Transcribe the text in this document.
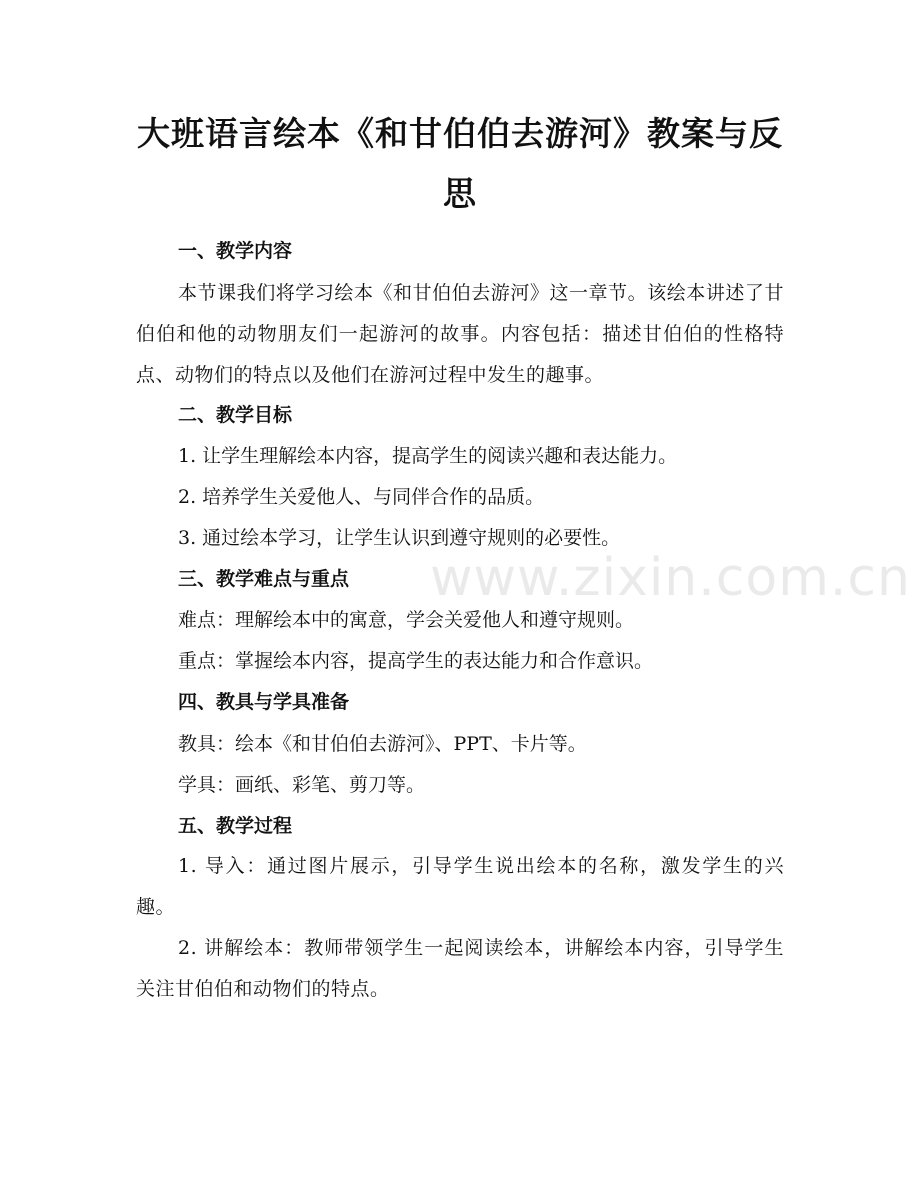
www.zixin.com.cn
大班语言绘本《和甘伯伯去游河》教案与反思
一、教学内容

本节课我们将学习绘本《和甘伯伯去游河》这一章节。该绘本讲述了甘伯伯和他的动物朋友们一起游河的故事。内容包括：描述甘伯伯的性格特点、动物们的特点以及他们在游河过程中发生的趣事。

二、教学目标

1. 让学生理解绘本内容，提高学生的阅读兴趣和表达能力。

2. 培养学生关爱他人、与同伴合作的品质。

3. 通过绘本学习，让学生认识到遵守规则的必要性。

三、教学难点与重点

难点：理解绘本中的寓意，学会关爱他人和遵守规则。

重点：掌握绘本内容，提高学生的表达能力和合作意识。

四、教具与学具准备

教具：绘本《和甘伯伯去游河》、PPT、卡片等。

学具：画纸、彩笔、剪刀等。

五、教学过程

1. 导入：通过图片展示，引导学生说出绘本的名称，激发学生的兴趣。

2. 讲解绘本：教师带领学生一起阅读绘本，讲解绘本内容，引导学生关注甘伯伯和动物们的特点。
